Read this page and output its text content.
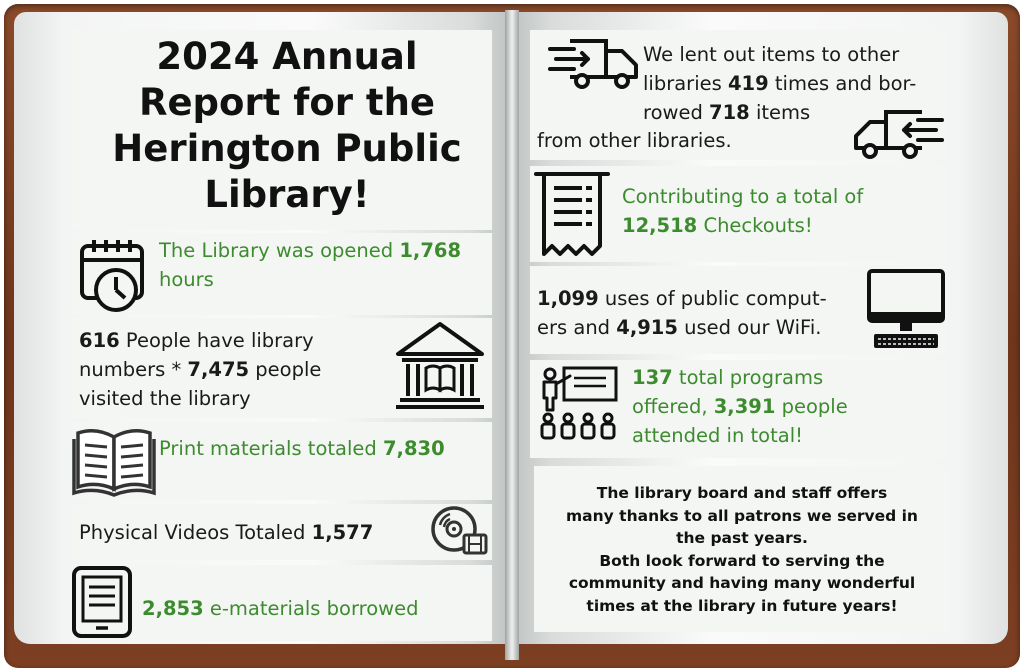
2024 Annual Report for the Herington Public Library!
The Library was opened 1,768
hours
616 People have library
numbers * 7,475 people
visited the library
Print materials totaled 7,830
Physical Videos Totaled 1,577
2,853 e-materials borrowed
We lent out items to other
libraries 419 times and bor-
rowed 718 items
from other libraries.
Contributing to a total of
12,518 Checkouts!
1,099 uses of public comput-
ers and 4,915 used our WiFi.
137 total programs
offered, 3,391 people
attended in total!
The library board and staff offers
many thanks to all patrons we served in
the past years.
Both look forward to serving the
community and having many wonderful
times at the library in future years!
